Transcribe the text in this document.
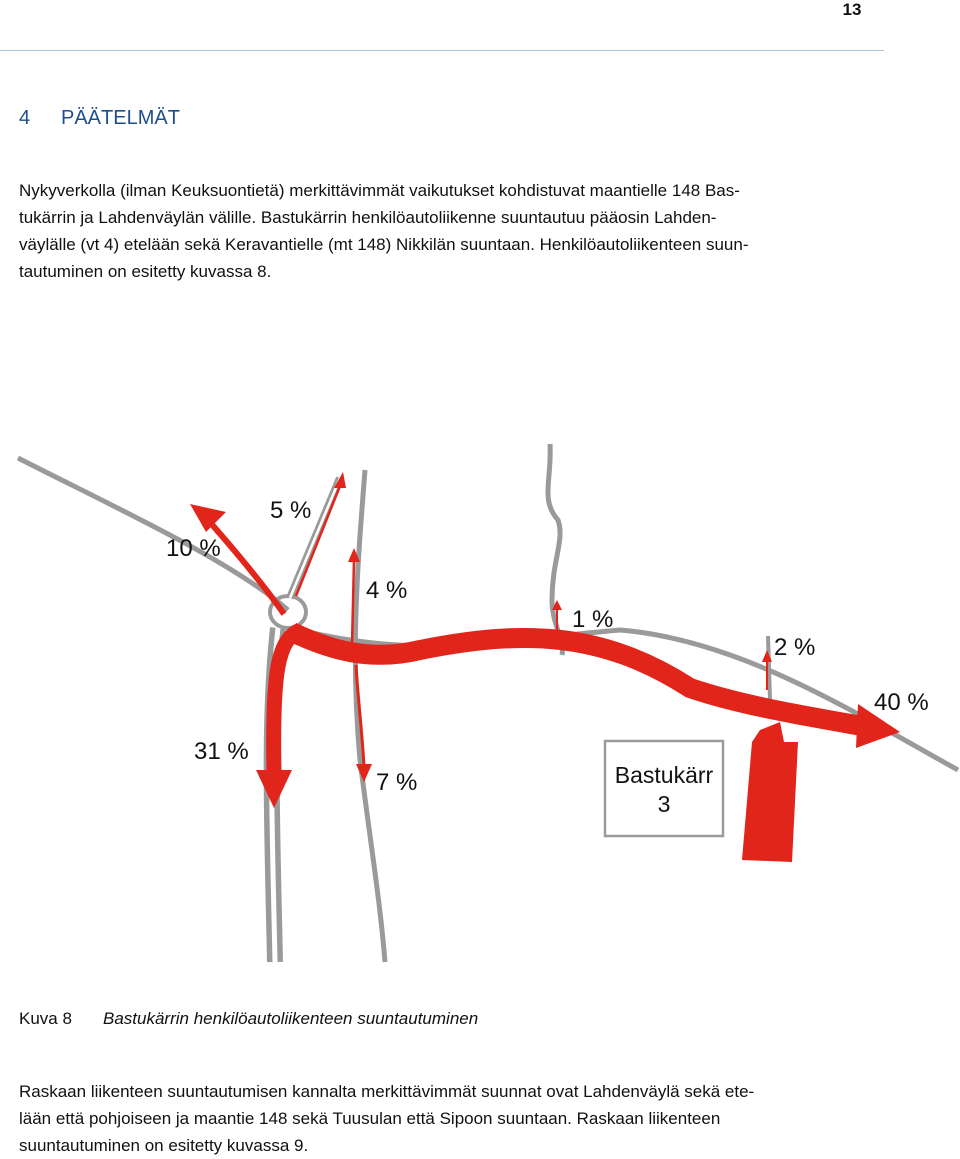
13
4 PÄÄTELMÄT

Nykyverkolla (ilman Keuksuontietä) merkittävimmät vaikutukset kohdistuvat maantielle 148 Bas-
tukärrin ja Lahdenväylän välille. Bastukärrin henkilöautoliikenne suuntautuu pääosin Lahden-
väylälle (vt 4) etelään sekä Keravantielle (mt 148) Nikkilän suuntaan. Henkilöautoliikenteen suun-
tautuminen on esitetty kuvassa 8.

Bastukärr
3
10 %
5 %
4 %
1 %
2 %
40 %
31 %
7 %
Kuva 8 Bastukärrin henkilöautoliikenteen suuntautuminen

Raskaan liikenteen suuntautumisen kannalta merkittävimmät suunnat ovat Lahdenväylä sekä ete-
lään että pohjoiseen ja maantie 148 sekä Tuusulan että Sipoon suuntaan. Raskaan liikenteen
suuntautuminen on esitetty kuvassa 9.
